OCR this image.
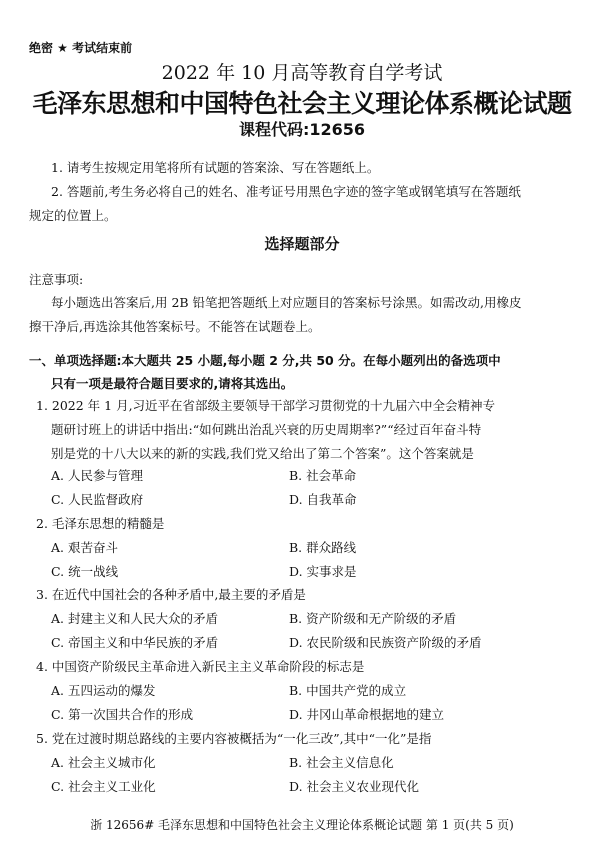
绝密 ★ 考试结束前
2022 年 10 月高等教育自学考试
毛泽东思想和中国特色社会主义理论体系概论试题
课程代码:12656
1. 请考生按规定用笔将所有试题的答案涂、写在答题纸上。
2. 答题前,考生务必将自己的姓名、准考证号用黑色字迹的签字笔或钢笔填写在答题纸
规定的位置上。
选择题部分
注意事项:
每小题选出答案后,用 2B 铅笔把答题纸上对应题目的答案标号涂黑。如需改动,用橡皮
擦干净后,再选涂其他答案标号。不能答在试题卷上。
一、单项选择题:本大题共 25 小题,每小题 2 分,共 50 分。在每小题列出的备选项中
只有一项是最符合题目要求的,请将其选出。
1. 2022 年 1 月,习近平在省部级主要领导干部学习贯彻党的十九届六中全会精神专
题研讨班上的讲话中指出:“如何跳出治乱兴衰的历史周期率?”“经过百年奋斗特
别是党的十八大以来的新的实践,我们党又给出了第二个答案”。这个答案就是
A. 人民参与管理	B. 社会革命
C. 人民监督政府	D. 自我革命
2. 毛泽东思想的精髓是
A. 艰苦奋斗	B. 群众路线
C. 统一战线	D. 实事求是
3. 在近代中国社会的各种矛盾中,最主要的矛盾是
A. 封建主义和人民大众的矛盾	B. 资产阶级和无产阶级的矛盾
C. 帝国主义和中华民族的矛盾	D. 农民阶级和民族资产阶级的矛盾
4. 中国资产阶级民主革命进入新民主主义革命阶段的标志是
A. 五四运动的爆发	B. 中国共产党的成立
C. 第一次国共合作的形成	D. 井冈山革命根据地的建立
5. 党在过渡时期总路线的主要内容被概括为“一化三改”,其中“一化”是指
A. 社会主义城市化	B. 社会主义信息化
C. 社会主义工业化	D. 社会主义农业现代化
浙 12656# 毛泽东思想和中国特色社会主义理论体系概论试题 第 1 页(共 5 页)
